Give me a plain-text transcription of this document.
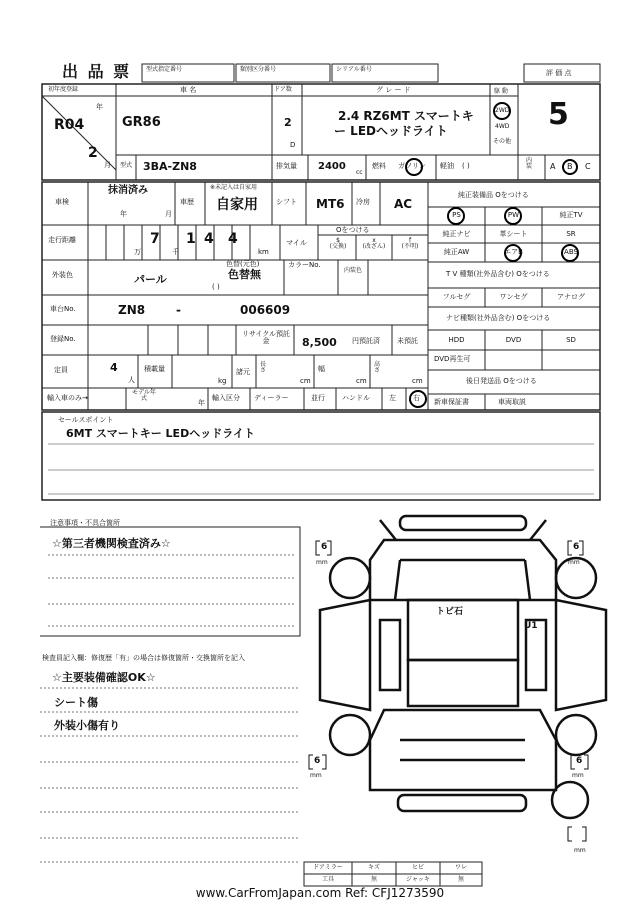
出 品 票 型式指定番号	類別区分番号	シリアル番号	評 価 点
初年度登録
年
R04
2
月
車 名
GR86
ドア数
2
D
グ レ ー ド
2.4 RZ6MT スマートキ
ー LEDヘッドライト
駆 動
2WD
4WD
その他
5
型式 3BA-ZN8	排気量 2400
cc
燃料 ガソリン 軽油 ( )
内装	A B C
車検
抹消済み
年	月
※未記入は自家用
車歴 自家用	シフト MT6 冷房 AC
走行距離	7 1 4 4
万	千	km
マイル
Oをつける
$
(交換)
x
(改ざん)
f
(不明)
外装色	パール
色替(元色)
色替無
( )
カラーNo.
内装色
車台No.	ZN8	-	006609
登録No.
リサイクル預託金	8,500 円預託済 未預託
定員	4
人
積載量
kg
諸元
長さ
cm
幅
cm
高さ
cm
輸入車のみ→
モデル年式
年
輸入区分 ディーラー	並行 ハンドル	左 右
純正装備品 Oをつける
PS	PW	純正TV
純正ナビ	革シート	SR
純正AW	エアB	ABS
T V 種類(社外品含む) Oをつける
フルセグ	ワンセグ	アナログ
ナビ種類(社外品含む) Oをつける
HDD	DVD	SD
DVD再生可
後日発送品 Oをつける
新車保証書	車両取説
セールスポイント
6MT スマートキー LEDヘッドライト
注意事項・不具合箇所
☆第三者機関検査済み☆
検査員記入欄：修復歴「有」の場合は修復箇所・交換箇所を記入
☆主要装備確認OK☆
シート傷
外装小傷有り
6
mm
6
mm
6
mm
6
mm
mm
トビ石
U1
ドアミラー	キズ	ヒビ	ワレ
工具	無	ジャッキ	無
www.CarFromJapan.com Ref: CFJ1273590
